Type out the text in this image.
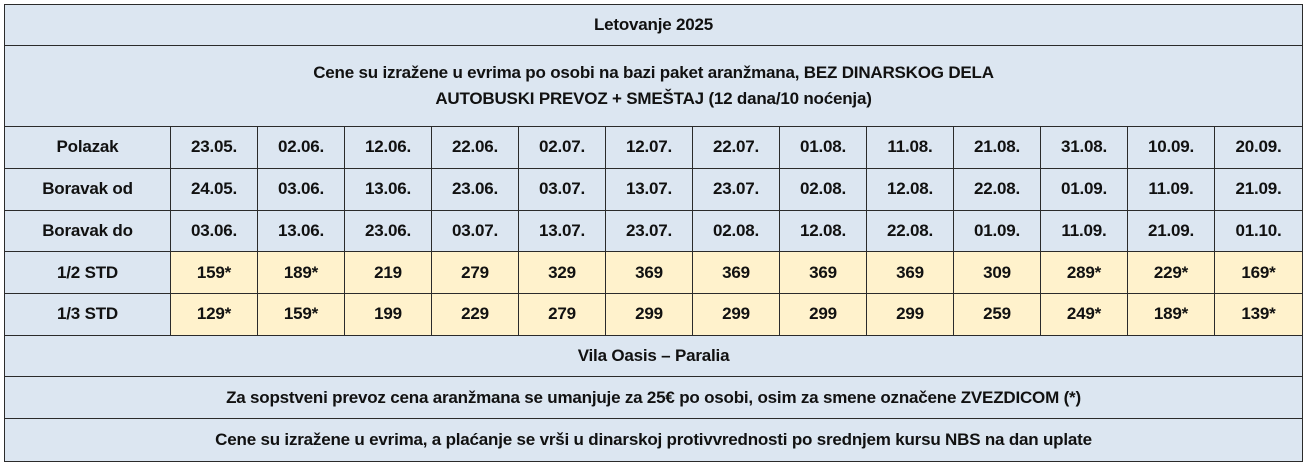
Letovanje 2025													

Cene su izražene u evrima po osobi na bazi paket aranžmana, BEZ DINARSKOG DELA
AUTOBUSKI PREVOZ + SMEŠTAJ (12 dana/10 noćenja)													

Polazak	23.05.	02.06.	12.06.	22.06.	02.07.	12.07.	22.07.	01.08.	11.08.	21.08.	31.08.	10.09.	20.09.
Boravak od	24.05.	03.06.	13.06.	23.06.	03.07.	13.07.	23.07.	02.08.	12.08.	22.08.	01.09.	11.09.	21.09.
Boravak do	03.06.	13.06.	23.06.	03.07.	13.07.	23.07.	02.08.	12.08.	22.08.	01.09.	11.09.	21.09.	01.10.
1/2 STD	159*	189*	219	279	329	369	369	369	369	309	289*	229*	169*
1/3 STD	129*	159*	199	229	279	299	299	299	299	259	249*	189*	139*
Vila Oasis – Paralia													
Za sopstveni prevoz cena aranžmana se umanjuje za 25€ po osobi, osim za smene označene ZVEZDICOM (*)													
Cene su izražene u evrima, a plaćanje se vrši u dinarskoj protivvrednosti po srednjem kursu NBS na dan uplate													
